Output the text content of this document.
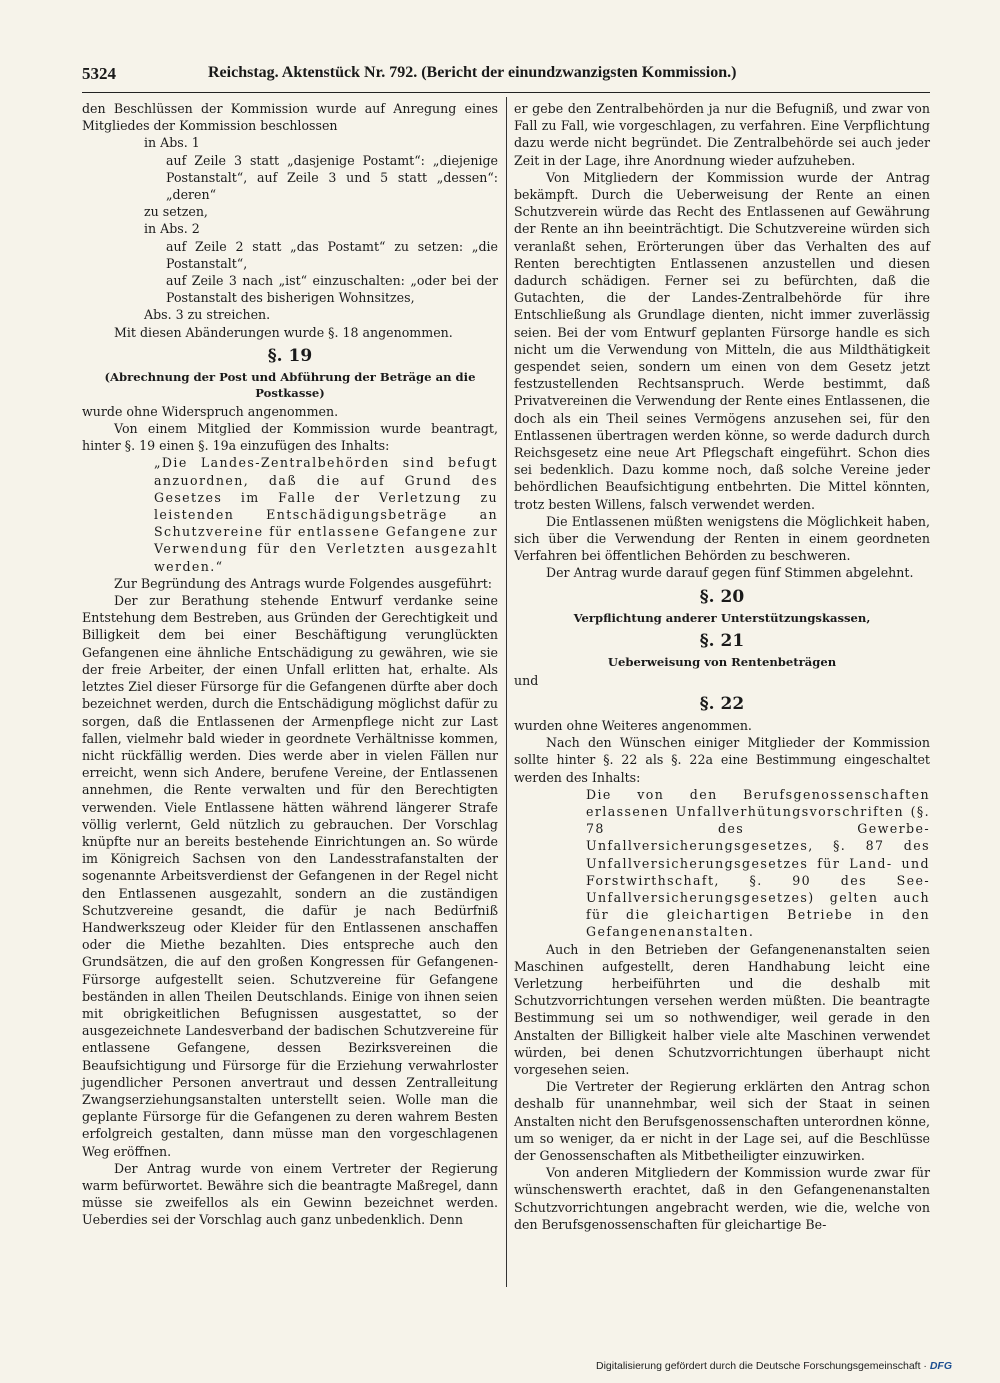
5324	Reichstag. Aktenstück Nr. 792. (Bericht der einundzwanzigsten Kommission.)

den Beschlüssen der Kommission wurde auf Anregung eines Mitgliedes der Kommission beschlossen

in Abs. 1

auf Zeile 3 statt „dasjenige Postamt“: „diejenige Postanstalt“, auf Zeile 3 und 5 statt „dessen“: „deren“

zu setzen,

in Abs. 2

auf Zeile 2 statt „das Postamt“ zu setzen: „die Postanstalt“,

auf Zeile 3 nach „ist“ einzuschalten: „oder bei der Postanstalt des bisherigen Wohnsitzes,

Abs. 3 zu streichen.

Mit diesen Abänderungen wurde §. 18 angenommen.

§. 19
(Abrechnung der Post und Abführung der Beträge an die Postkasse)

wurde ohne Widerspruch angenommen.

Von einem Mitglied der Kommission wurde beantragt, hinter §. 19 einen §. 19a einzufügen des Inhalts:

„Die Landes-Zentralbehörden sind befugt anzuordnen, daß die auf Grund des Gesetzes im Falle der Verletzung zu leistenden Entschädigungsbeträge an Schutzvereine für entlassene Gefangene zur Verwendung für den Verletzten ausgezahlt werden.“

Zur Begründung des Antrags wurde Folgendes ausgeführt:

Der zur Berathung stehende Entwurf verdanke seine Entstehung dem Bestreben, aus Gründen der Gerechtigkeit und Billigkeit dem bei einer Beschäftigung verunglückten Gefangenen eine ähnliche Entschädigung zu gewähren, wie sie der freie Arbeiter, der einen Unfall erlitten hat, erhalte. Als letztes Ziel dieser Fürsorge für die Gefangenen dürfte aber doch bezeichnet werden, durch die Entschädigung möglichst dafür zu sorgen, daß die Entlassenen der Armenpflege nicht zur Last fallen, vielmehr bald wieder in geordnete Verhältnisse kommen, nicht rückfällig werden. Dies werde aber in vielen Fällen nur erreicht, wenn sich Andere, berufene Vereine, der Entlassenen annehmen, die Rente verwalten und für den Berechtigten verwenden. Viele Entlassene hätten während längerer Strafe völlig verlernt, Geld nützlich zu gebrauchen. Der Vorschlag knüpfte nur an bereits bestehende Einrichtungen an. So würde im Königreich Sachsen von den Landesstrafanstalten der sogenannte Arbeitsverdienst der Gefangenen in der Regel nicht den Entlassenen ausgezahlt, sondern an die zuständigen Schutzvereine gesandt, die dafür je nach Bedürfniß Handwerkszeug oder Kleider für den Entlassenen anschaffen oder die Miethe bezahlten. Dies entspreche auch den Grundsätzen, die auf den großen Kongressen für Gefangenen-Fürsorge aufgestellt seien. Schutzvereine für Gefangene beständen in allen Theilen Deutschlands. Einige von ihnen seien mit obrigkeitlichen Befugnissen ausgestattet, so der ausgezeichnete Landesverband der badischen Schutzvereine für entlassene Gefangene, dessen Bezirksvereinen die Beaufsichtigung und Fürsorge für die Erziehung verwahrloster jugendlicher Personen anvertraut und dessen Zentralleitung Zwangserziehungsanstalten unterstellt seien. Wolle man die geplante Fürsorge für die Gefangenen zu deren wahrem Besten erfolgreich gestalten, dann müsse man den vorgeschlagenen Weg eröffnen.

Der Antrag wurde von einem Vertreter der Regierung warm befürwortet. Bewähre sich die beantragte Maßregel, dann müsse sie zweifellos als ein Gewinn bezeichnet werden. Ueberdies sei der Vorschlag auch ganz unbedenklich. Denn

er gebe den Zentralbehörden ja nur die Befugniß, und zwar von Fall zu Fall, wie vorgeschlagen, zu verfahren. Eine Verpflichtung dazu werde nicht begründet. Die Zentralbehörde sei auch jeder Zeit in der Lage, ihre Anordnung wieder aufzuheben.

Von Mitgliedern der Kommission wurde der Antrag bekämpft. Durch die Ueberweisung der Rente an einen Schutzverein würde das Recht des Entlassenen auf Gewährung der Rente an ihn beeinträchtigt. Die Schutzvereine würden sich veranlaßt sehen, Erörterungen über das Verhalten des auf Renten berechtigten Entlassenen anzustellen und diesen dadurch schädigen. Ferner sei zu befürchten, daß die Gutachten, die der Landes-Zentralbehörde für ihre Entschließung als Grundlage dienten, nicht immer zuverlässig seien. Bei der vom Entwurf geplanten Fürsorge handle es sich nicht um die Verwendung von Mitteln, die aus Mildthätigkeit gespendet seien, sondern um einen von dem Gesetz jetzt festzustellenden Rechtsanspruch. Werde bestimmt, daß Privatvereinen die Verwendung der Rente eines Entlassenen, die doch als ein Theil seines Vermögens anzusehen sei, für den Entlassenen übertragen werden könne, so werde dadurch durch Reichsgesetz eine neue Art Pflegschaft eingeführt. Schon dies sei bedenklich. Dazu komme noch, daß solche Vereine jeder behördlichen Beaufsichtigung entbehrten. Die Mittel könnten, trotz besten Willens, falsch verwendet werden.

Die Entlassenen müßten wenigstens die Möglichkeit haben, sich über die Verwendung der Renten in einem geordneten Verfahren bei öffentlichen Behörden zu beschweren.

Der Antrag wurde darauf gegen fünf Stimmen abgelehnt.

§. 20
Verpflichtung anderer Unterstützungskassen,
§. 21
Ueberweisung von Rentenbeträgen

und

§. 22

wurden ohne Weiteres angenommen.

Nach den Wünschen einiger Mitglieder der Kommission sollte hinter §. 22 als §. 22a eine Bestimmung eingeschaltet werden des Inhalts:

Die von den Berufsgenossenschaften erlassenen Unfallverhütungsvorschriften (§. 78 des Gewerbe-Unfallversicherungsgesetzes, §. 87 des Unfallversicherungsgesetzes für Land- und Forstwirthschaft, §. 90 des See-Unfallversicherungsgesetzes) gelten auch für die gleichartigen Betriebe in den Gefangenenanstalten.

Auch in den Betrieben der Gefangenenanstalten seien Maschinen aufgestellt, deren Handhabung leicht eine Verletzung herbeiführten und die deshalb mit Schutzvorrichtungen versehen werden müßten. Die beantragte Bestimmung sei um so nothwendiger, weil gerade in den Anstalten der Billigkeit halber viele alte Maschinen verwendet würden, bei denen Schutzvorrichtungen überhaupt nicht vorgesehen seien.

Die Vertreter der Regierung erklärten den Antrag schon deshalb für unannehmbar, weil sich der Staat in seinen Anstalten nicht den Berufsgenossenschaften unterordnen könne, um so weniger, da er nicht in der Lage sei, auf die Beschlüsse der Genossenschaften als Mitbetheiligter einzuwirken.

Von anderen Mitgliedern der Kommission wurde zwar für wünschenswerth erachtet, daß in den Gefangenenanstalten Schutzvorrichtungen angebracht werden, wie die, welche von den Berufsgenossenschaften für gleichartige Be-

Digitalisierung gefördert durch die Deutsche Forschungsgemeinschaft · DFG
